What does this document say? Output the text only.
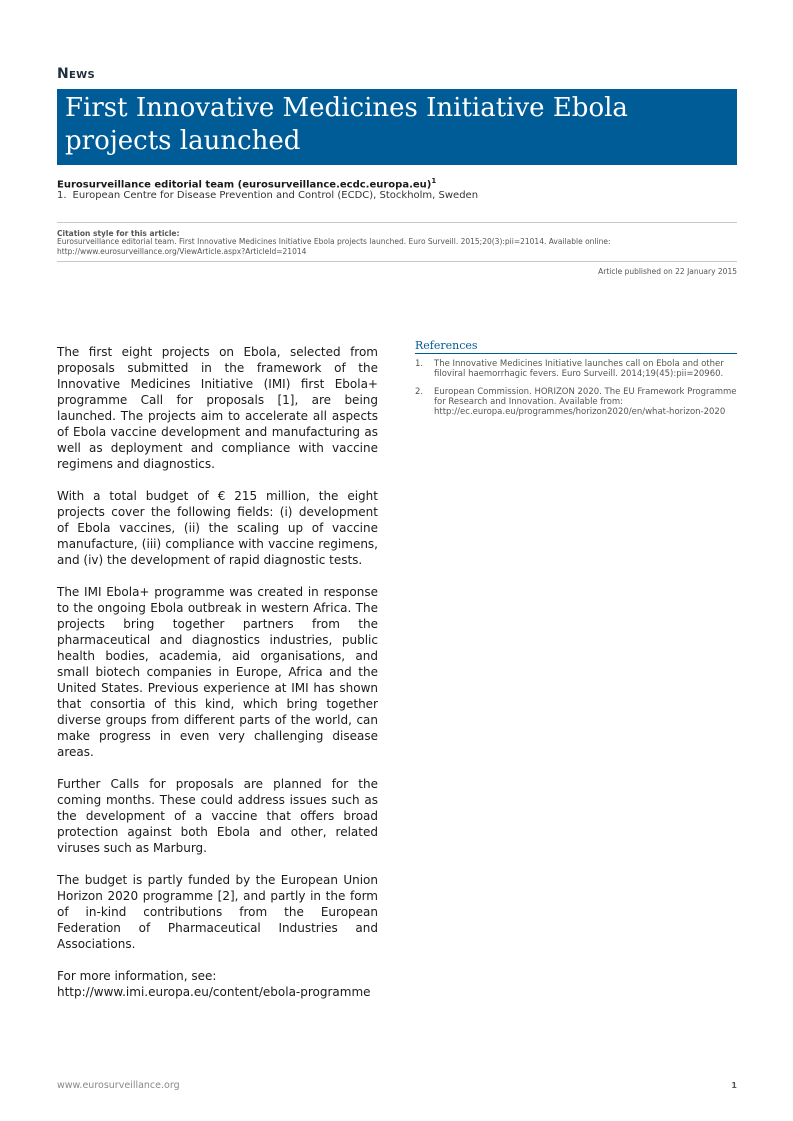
News
First Innovative Medicines Initiative Ebola projects launched
Eurosurveillance editorial team (eurosurveillance.ecdc.europa.eu)$^1$
1. European Centre for Disease Prevention and Control (ECDC), Stockholm, Sweden
Citation style for this article:
Eurosurveillance editorial team. First Innovative Medicines Initiative Ebola projects launched. Euro Surveill. 2015;20(3):pii=21014. Available online: http://www.eurosurveillance.org/ViewArticle.aspx?ArticleId=21014
Article published on 22 January 2015

The first eight projects on Ebola, selected from proposals submitted in the framework of the Innovative Medicines Initiative (IMI) first Ebola+ programme Call for proposals [1], are being launched. The projects aim to accelerate all aspects of Ebola vaccine development and manufacturing as well as deployment and compliance with vaccine regimens and diagnostics.

With a total budget of € 215 million, the eight projects cover the following fields: (i) development of Ebola vaccines, (ii) the scaling up of vaccine manufacture, (iii) compliance with vaccine regimens, and (iv) the development of rapid diagnostic tests.

The IMI Ebola+ programme was created in response to the ongoing Ebola outbreak in western Africa. The projects bring together partners from the pharmaceutical and diagnostics industries, public health bodies, academia, aid organisations, and small biotech companies in Europe, Africa and the United States. Previous experience at IMI has shown that consortia of this kind, which bring together diverse groups from different parts of the world, can make progress in even very challenging disease areas.

Further Calls for proposals are planned for the coming months. These could address issues such as the development of a vaccine that offers broad protection against both Ebola and other, related viruses such as Marburg.

The budget is partly funded by the European Union Horizon 2020 programme [2], and partly in the form of in-kind contributions from the European Federation of Pharmaceutical Industries and Associations.

For more information, see:
http://www.imi.europa.eu/content/ebola-programme

References
1. The Innovative Medicines Initiative launches call on Ebola and other filoviral haemorrhagic fevers. Euro Surveill. 2014;19(45):pii=20960.
2. European Commission. HORIZON 2020. The EU Framework Programme for Research and Innovation. Available from: http://ec.europa.eu/programmes/horizon2020/en/what-horizon-2020
www.eurosurveillance.org	1
